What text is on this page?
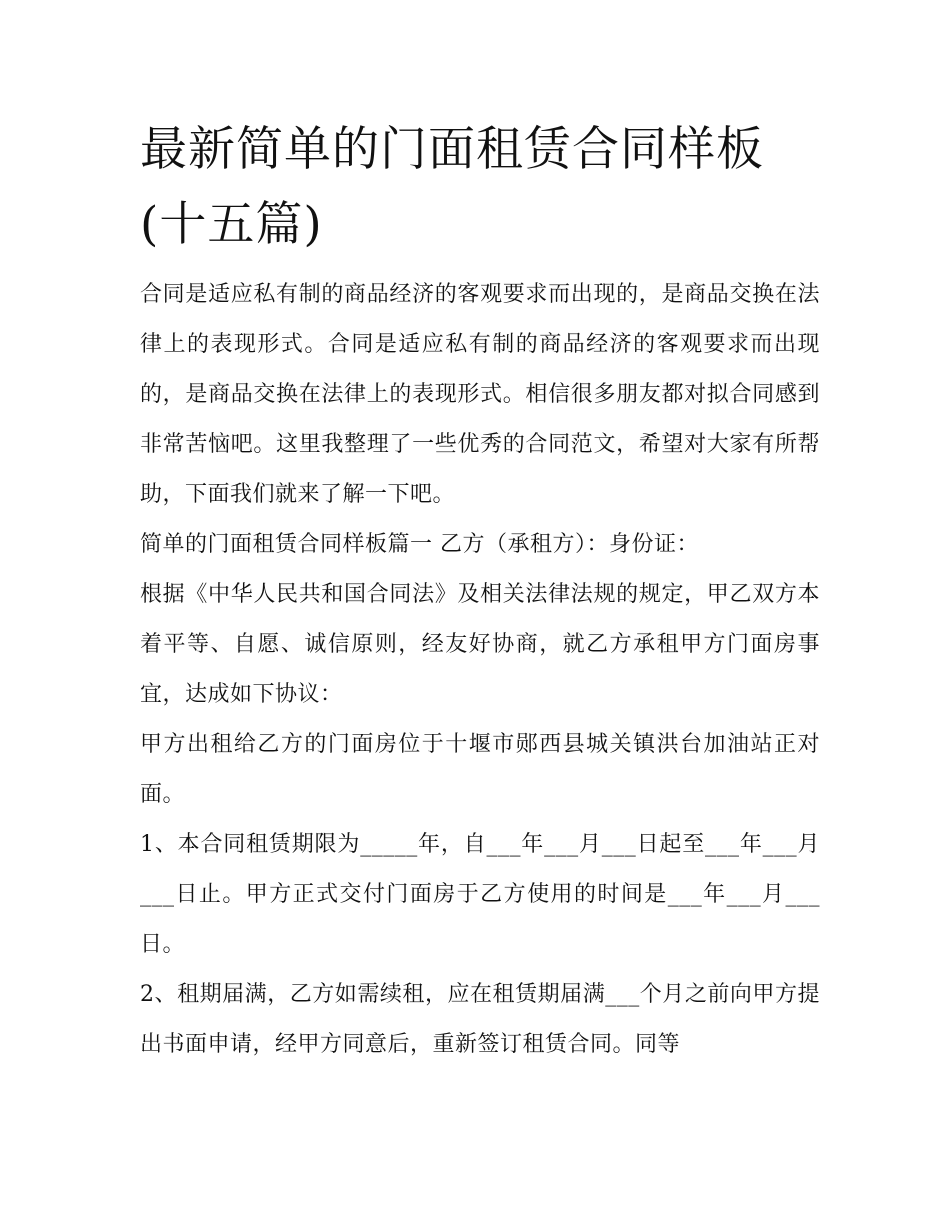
最新简单的门面租赁合同样板(十五篇)

合同是适应私有制的商品经济的客观要求而出现的，是商品交换在法律上的表现形式。合同是适应私有制的商品经济的客观要求而出现的，是商品交换在法律上的表现形式。相信很多朋友都对拟合同感到非常苦恼吧。这里我整理了一些优秀的合同范文，希望对大家有所帮助，下面我们就来了解一下吧。

简单的门面租赁合同样板篇一 乙方（承租方）：身份证：

根据《中华人民共和国合同法》及相关法律法规的规定，甲乙双方本着平等、自愿、诚信原则，经友好协商，就乙方承租甲方门面房事宜，达成如下协议：

甲方出租给乙方的门面房位于十堰市郧西县城关镇洪台加油站正对面。

1、本合同租赁期限为_____年，自___年___月___日起至___年___月___日止。甲方正式交付门面房于乙方使用的时间是___年___月___日。

2、租期届满，乙方如需续租，应在租赁期届满___个月之前向甲方提出书面申请，经甲方同意后，重新签订租赁合同。同等
